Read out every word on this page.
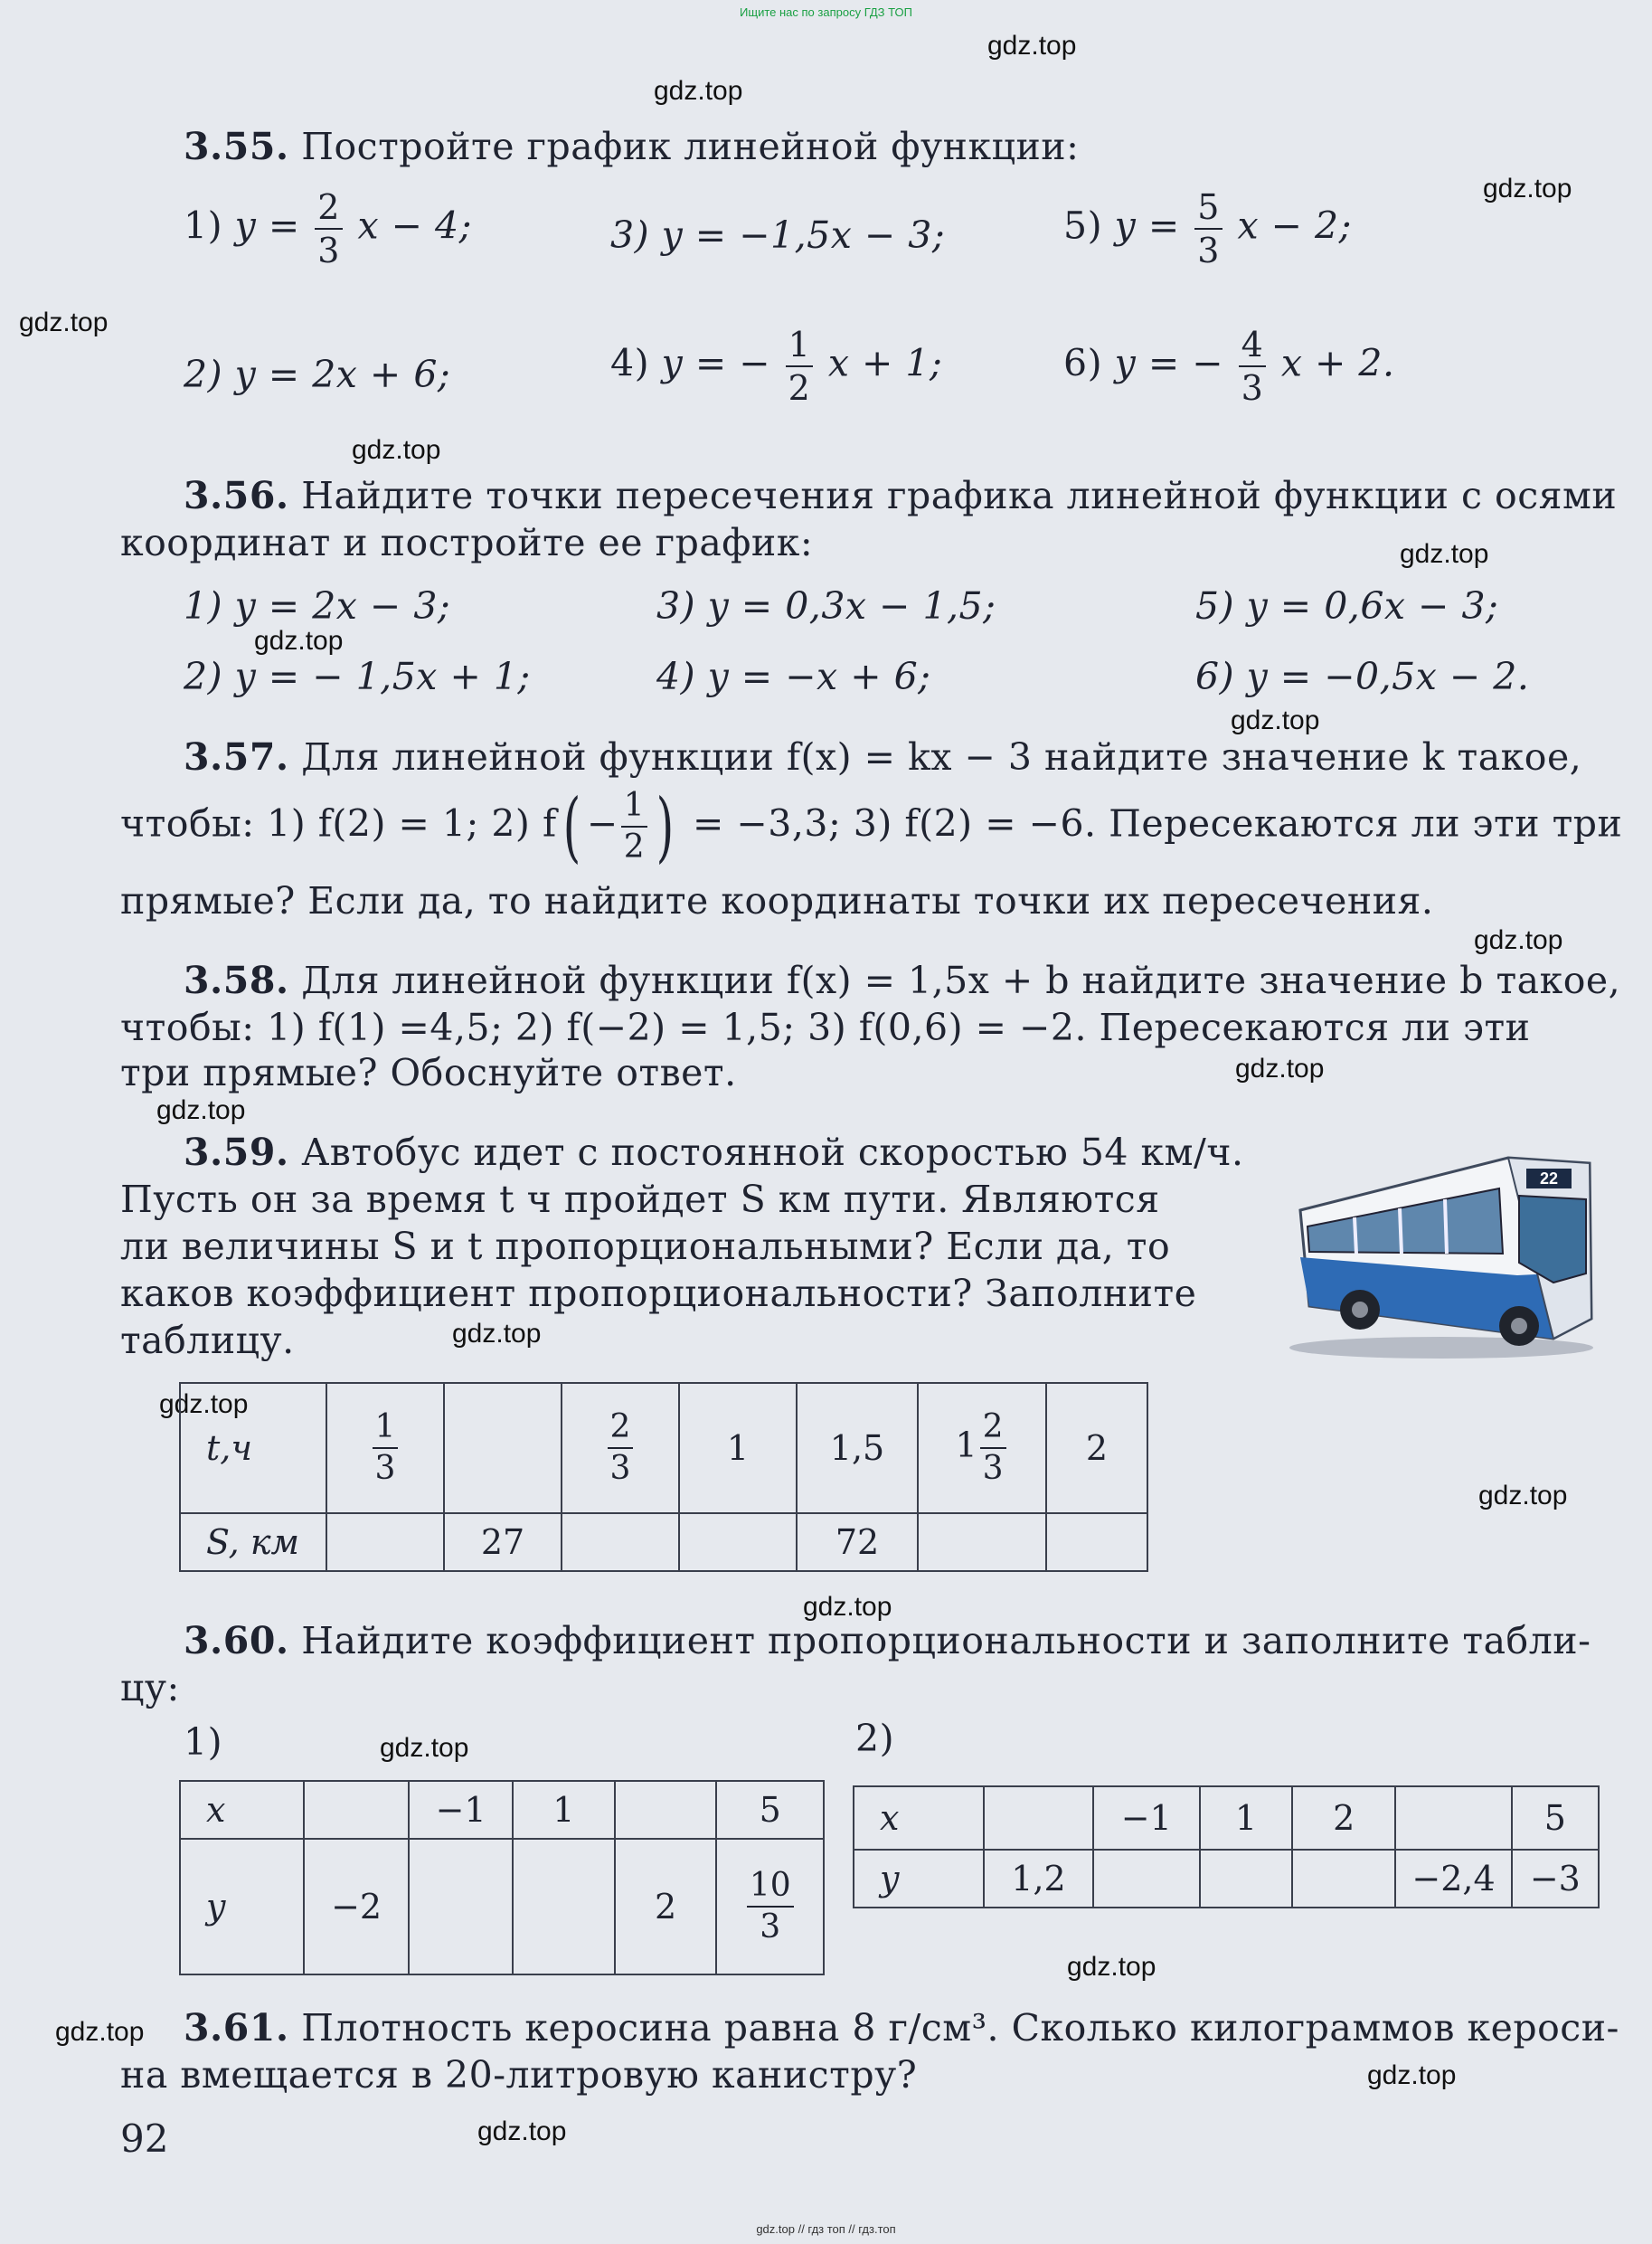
Ищите нас по запросу ГДЗ ТОП
gdz.top
gdz.top
gdz.top
gdz.top
gdz.top
gdz.top
gdz.top
gdz.top
gdz.top
gdz.top
gdz.top
gdz.top
gdz.top
gdz.top
gdz.top
gdz.top
gdz.top
gdz.top
gdz.top
gdz.top
3.55. Постройте график линейной функции:
1) $y = \frac{2}{3}$ x − 4;	3) y = −1,5x − 3;	5) $y = \frac{5}{3}$ x − 2;
2) y = 2x + 6;	4) y = − $\frac{1}{2}$ x + 1;	6) y = − $\frac{4}{3}$ x + 2.
3.56. Найдите точки пересечения графика линейной функции с осями
координат и постройте ее график:
1) y = 2x − 3;	3) y = 0,3x − 1,5;	5) y = 0,6x − 3;
2) y = − 1,5x + 1;	4) y = −x + 6;	6) y = −0,5x − 2.
3.57. Для линейной функции f(x) = kx − 3 найдите значение k такое,
чтобы: 1) f(2) = 1; 2) $f( - \frac{1}{2}$ ) = −3,3; 3) f(2) = −6. Пересекаются ли эти три
прямые? Если да, то найдите координаты точки их пересечения.
3.58. Для линейной функции f(x) = 1,5x + b найдите значение b такое,
чтобы: 1) f(1) =4,5; 2) f(−2) = 1,5; 3) f(0,6) = −2. Пересекаются ли эти
три прямые? Обоснуйте ответ.
3.59. Автобус идет с постоянной скоростью 54 км/ч.
Пусть он за время t ч пройдет S км пути. Являются
ли величины S и t пропорциональными? Если да, то
каков коэффициент пропорциональности? Заполните
таблицу.
22
t,ч	$\frac{1}{3}$		$\frac{2}{3}$	1	1,5	$1 \frac{2}{3}$	2
S, км		27			72		
3.60. Найдите коэффициент пропорциональности и заполните табли-
цу:
1)	2)
x		−1	1		5
y	−2			2	$\frac{10}{3}$
x		−1	1	2		5
y	1,2				−2,4	−3
3.61. Плотность керосина равна 8 г/см³. Сколько килограммов кероси-
на вмещается в 20-литровую канистру?
92
gdz.top // гдз топ // гдз.топ
